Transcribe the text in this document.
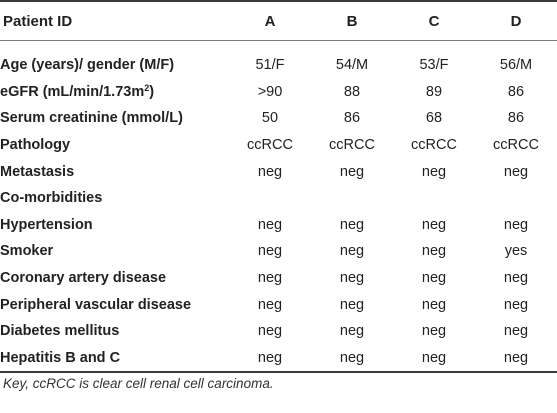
Patient ID	A	B	C	D

Age (years)/ gender (M/F)	51/F	54/M	53/F	56/M
eGFR $(mL/\min/1.73m^2)$	>90	88	89	86
Serum creatinine (mmol/L)	50	86	68	86
Pathology	ccRCC	ccRCC	ccRCC	ccRCC
Metastasis	neg	neg	neg	neg
Co-morbidities				
Hypertension	neg	neg	neg	neg
Smoker	neg	neg	neg	yes
Coronary artery disease	neg	neg	neg	neg
Peripheral vascular disease	neg	neg	neg	neg
Diabetes mellitus	neg	neg	neg	neg
Hepatitis B and C	neg	neg	neg	neg
Key, ccRCC is clear cell renal cell carcinoma.
